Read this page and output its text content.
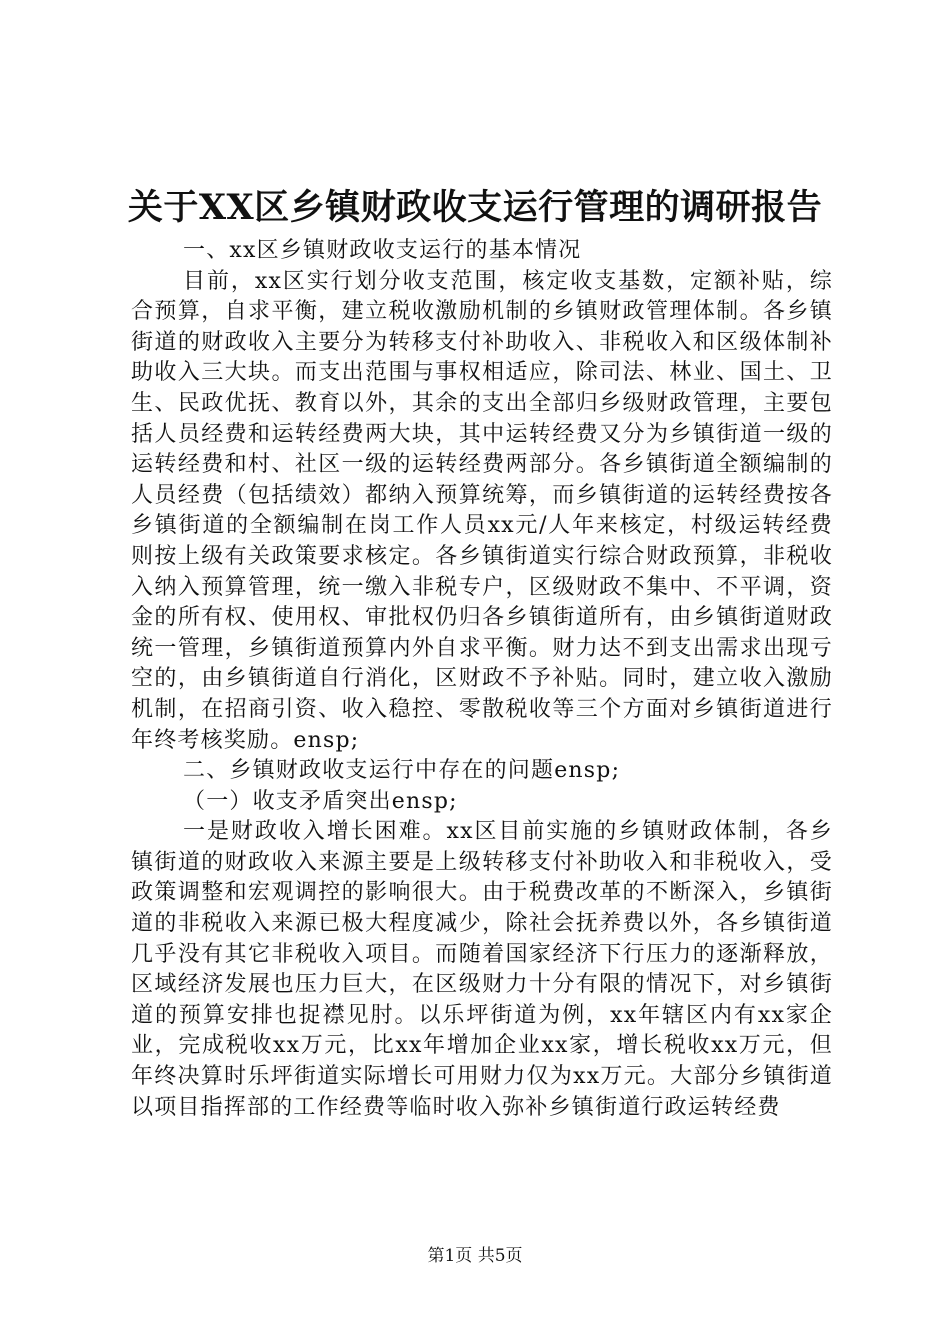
关于XX区乡镇财政收支运行管理的调研报告

一、xx区乡镇财政收支运行的基本情况

目前，xx区实行划分收支范围，核定收支基数，定额补贴，综合预算，自求平衡，建立税收激励机制的乡镇财政管理体制。各乡镇街道的财政收入主要分为转移支付补助收入、非税收入和区级体制补助收入三大块。而支出范围与事权相适应，除司法、林业、国土、卫生、民政优抚、教育以外，其余的支出全部归乡级财政管理，主要包括人员经费和运转经费两大块，其中运转经费又分为乡镇街道一级的运转经费和村、社区一级的运转经费两部分。各乡镇街道全额编制的人员经费（包括绩效）都纳入预算统筹，而乡镇街道的运转经费按各乡镇街道的全额编制在岗工作人员xx元/人年来核定，村级运转经费则按上级有关政策要求核定。各乡镇街道实行综合财政预算，非税收入纳入预算管理，统一缴入非税专户，区级财政不集中、不平调，资金的所有权、使用权、审批权仍归各乡镇街道所有，由乡镇街道财政统一管理，乡镇街道预算内外自求平衡。财力达不到支出需求出现亏空的，由乡镇街道自行消化，区财政不予补贴。同时，建立收入激励机制，在招商引资、收入稳控、零散税收等三个方面对乡镇街道进行年终考核奖励。ensp;

二、乡镇财政收支运行中存在的问题ensp;

（一）收支矛盾突出ensp;

一是财政收入增长困难。xx区目前实施的乡镇财政体制，各乡镇街道的财政收入来源主要是上级转移支付补助收入和非税收入，受政策调整和宏观调控的影响很大。由于税费改革的不断深入，乡镇街道的非税收入来源已极大程度减少，除社会抚养费以外，各乡镇街道几乎没有其它非税收入项目。而随着国家经济下行压力的逐渐释放，区域经济发展也压力巨大，在区级财力十分有限的情况下，对乡镇街道的预算安排也捉襟见肘。以乐坪街道为例，xx年辖区内有xx家企业，完成税收xx万元，比xx年增加企业xx家，增长税收xx万元，但年终决算时乐坪街道实际增长可用财力仅为xx万元。大部分乡镇街道以项目指挥部的工作经费等临时收入弥补乡镇街道行政运转经费

第1页 共5页
